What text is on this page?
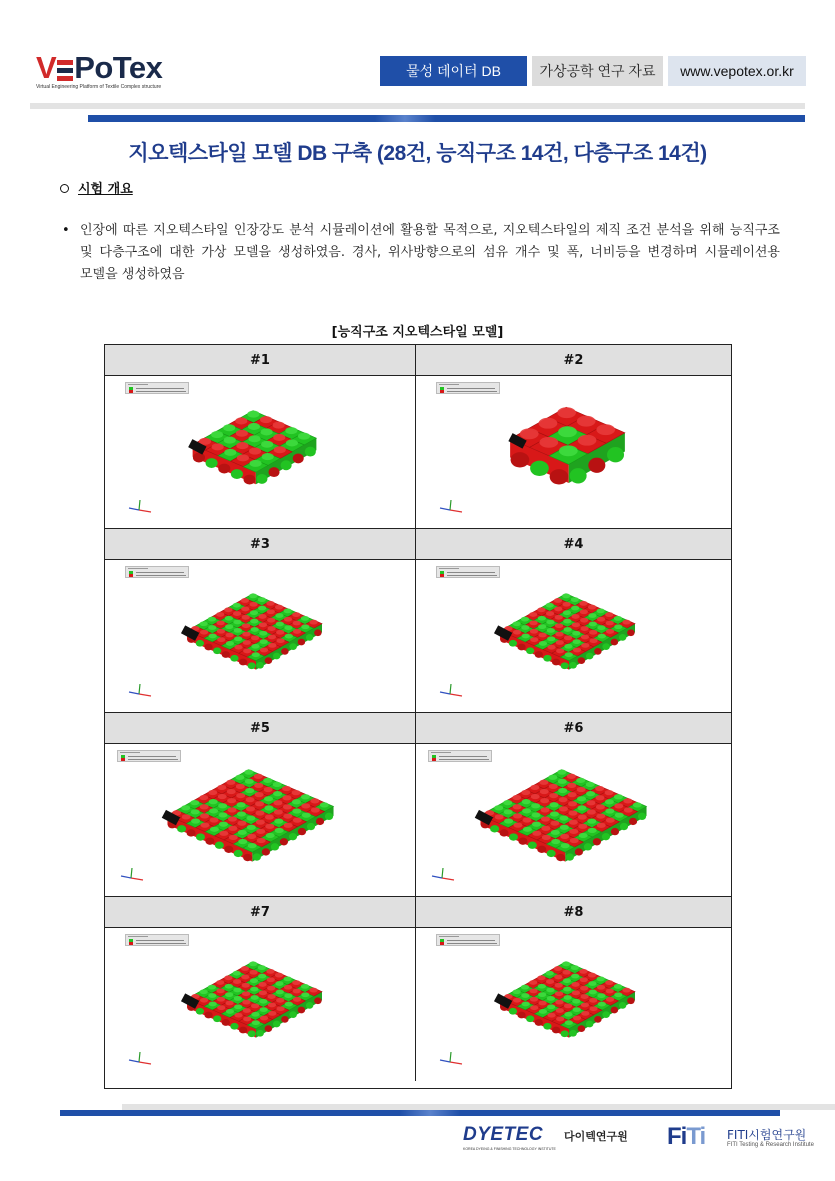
V PoTex
Virtual Engineering Platform of Textile Complex structure
물성 데이터 DB	가상공학 연구 자료	www.vepotex.or.kr
지오텍스타일 모델 DB 구축 (28건, 능직구조 14건, 다층구조 14건)
시험 개요
• 인장에 따른 지오텍스타일 인장강도 분석 시뮬레이션에 활용할 목적으로, 지오텍스타일의 제직 조건 분석을 위해 능직구조 및 다층구조에 대한 가상 모델을 생성하였음. 경사, 위사방향으로의 섬유 개수 및 폭, 너비등을 변경하며 시뮬레이션용 모델을 생성하였음
[능직구조 지오텍스타일 모델]
#1	#2
#3	#4
#5	#6
#7	#8
DYETEC
KOREA DYEING & FINISHING TECHNOLOGY INSTITUTE
다이텍연구원 FiTi FITI시험연구원
FITI Testing & Research Institute
